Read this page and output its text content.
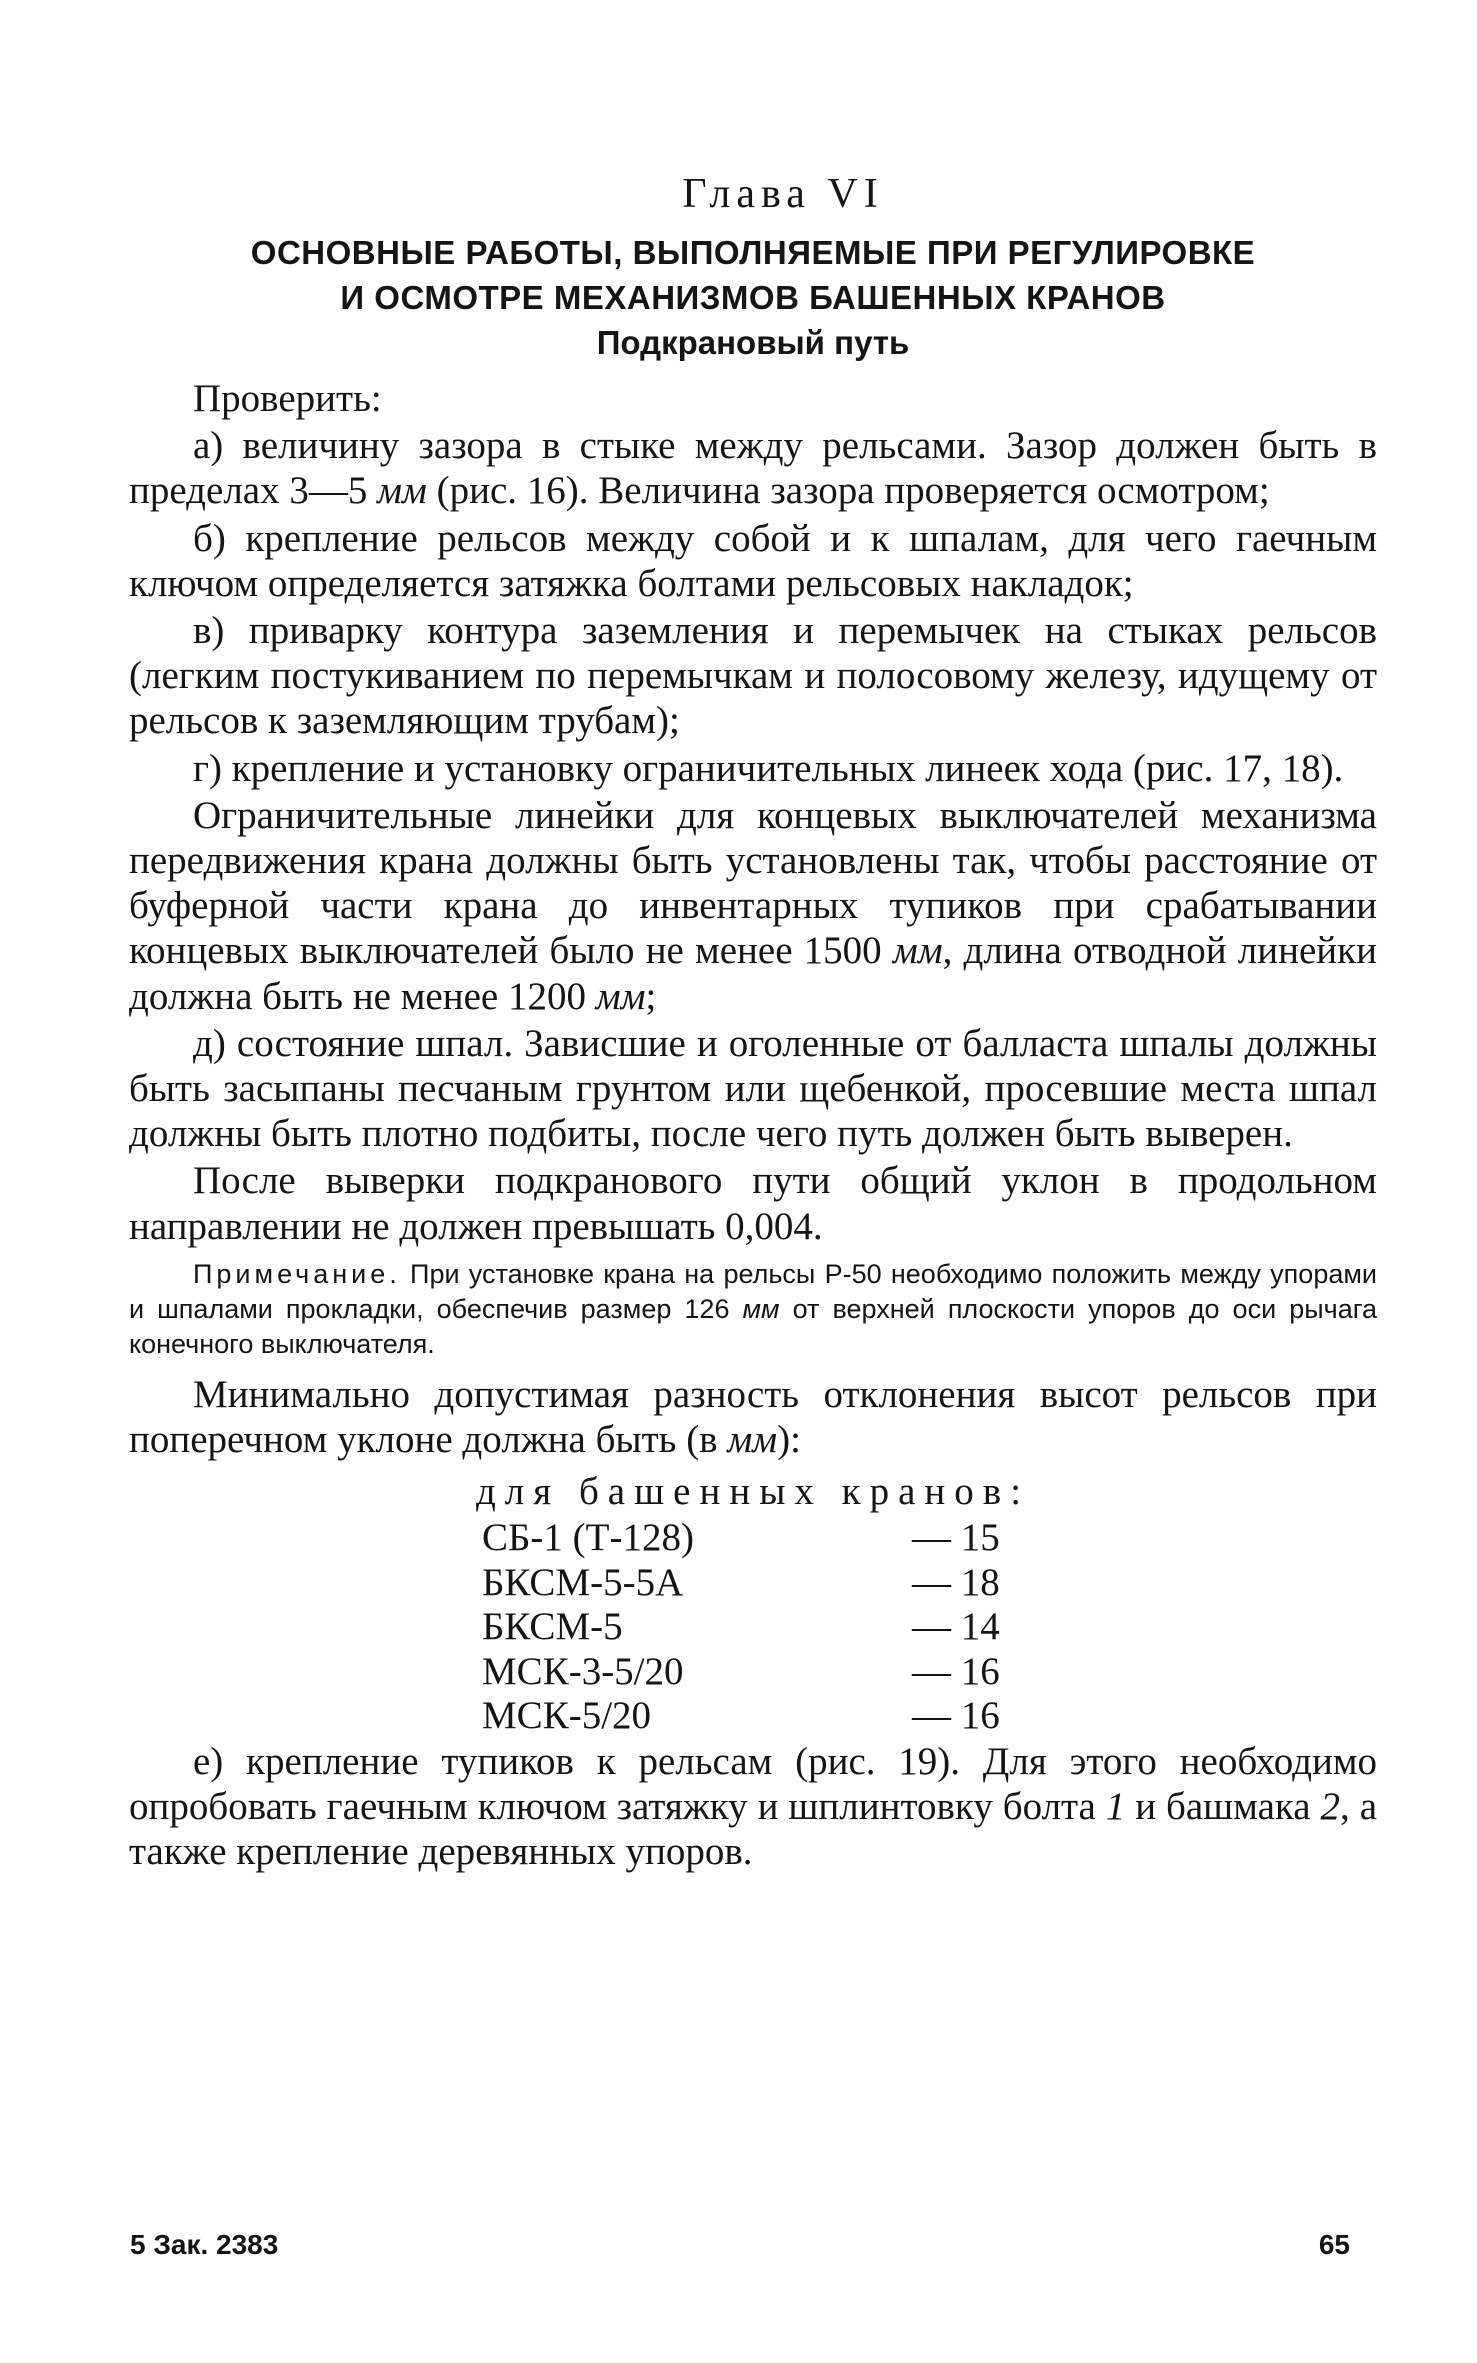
Глава VI
ОСНОВНЫЕ РАБОТЫ, ВЫПОЛНЯЕМЫЕ ПРИ РЕГУЛИРОВКЕ
И ОСМОТРЕ МЕХАНИЗМОВ БАШЕННЫХ КРАНОВ
Подкрановый путь

Проверить:

а) величину зазора в стыке между рельсами. Зазор должен быть в пределах 3—5 мм (рис. 16). Величина зазора проверяется осмотром;

б) крепление рельсов между собой и к шпалам, для чего гаечным ключом определяется затяжка болтами рельсовых накладок;

в) приварку контура заземления и перемычек на стыках рельсов (легким постукиванием по перемычкам и полосовому железу, идущему от рельсов к заземляющим трубам);

г) крепление и установку ограничительных линеек хода (рис. 17, 18).

Ограничительные линейки для концевых выключателей механизма передвижения крана должны быть установлены так, чтобы расстояние от буферной части крана до инвентарных тупиков при срабатывании концевых выключателей было не менее 1500 мм, длина отводной линейки должна быть не менее 1200 мм;

д) состояние шпал. Зависшие и оголенные от балласта шпалы должны быть засыпаны песчаным грунтом или щебенкой, просевшие места шпал должны быть плотно подбиты, после чего путь должен быть выверен.

После выверки подкранового пути общий уклон в продольном направлении не должен превышать 0,004.

Примечание. При установке крана на рельсы Р-50 необходимо положить между упорами и шпалами прокладки, обеспечив размер 126 мм от верхней плоскости упоров до оси рычага конечного выключателя.

Минимально допустимая разность отклонения высот рельсов при поперечном уклоне должна быть (в мм):

для башенных кранов:
СБ-1 (Т-128)	— 15
БКСМ-5-5А	— 18
БКСМ-5	— 14
МСК-3-5/20	— 16
МСК-5/20	— 16

е) крепление тупиков к рельсам (рис. 19). Для этого необходимо опробовать гаечным ключом затяжку и шплинтовку болта 1 и башмака 2, а также крепление деревянных упоров.

5 Зак. 2383	65
